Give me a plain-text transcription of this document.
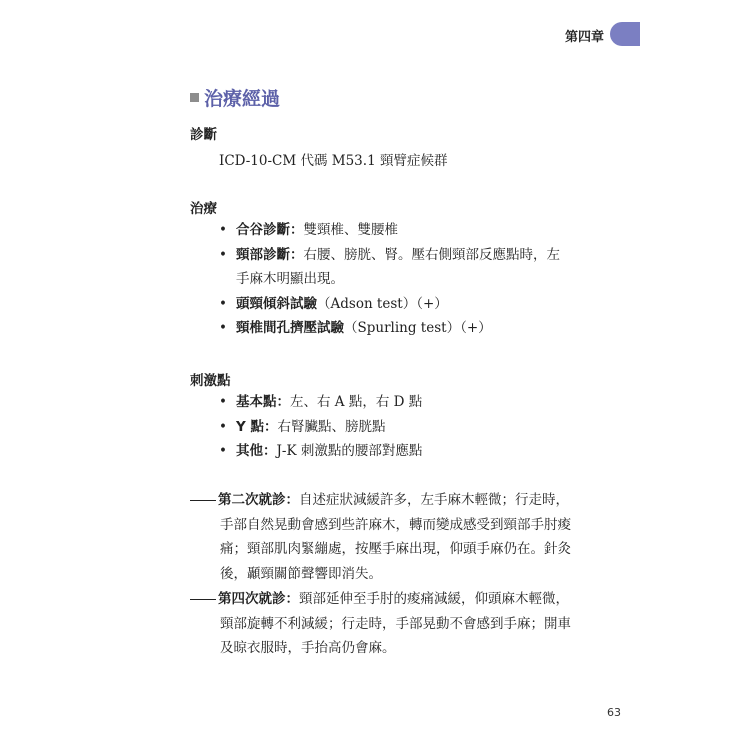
第四章
治療經過
診斷
ICD-10-CM 代碼 M53.1 頸臂症候群
治療
• 合谷診斷：雙頸椎、雙腰椎
• 頸部診斷：右腰、膀胱、腎。壓右側頸部反應點時，左
手麻木明顯出現。
• 頭頸傾斜試驗（Adson test）（+）
• 頸椎間孔擠壓試驗（Spurling test）（+）
刺激點
• 基本點：左、右 A 點，右 D 點
• Y 點：右腎臟點、膀胱點
• 其他：J-K 刺激點的腰部對應點
第二次就診：自述症狀減緩許多，左手麻木輕微；行走時，
手部自然晃動會感到些許麻木，轉而變成感受到頸部手肘痠
痛；頸部肌肉緊繃處，按壓手麻出現，仰頭手麻仍在。針灸
後，顳頸關節聲響即消失。
第四次就診：頸部延伸至手肘的痠痛減緩，仰頭麻木輕微，
頸部旋轉不利減緩；行走時，手部晃動不會感到手麻；開車
及晾衣服時，手抬高仍會麻。
63
